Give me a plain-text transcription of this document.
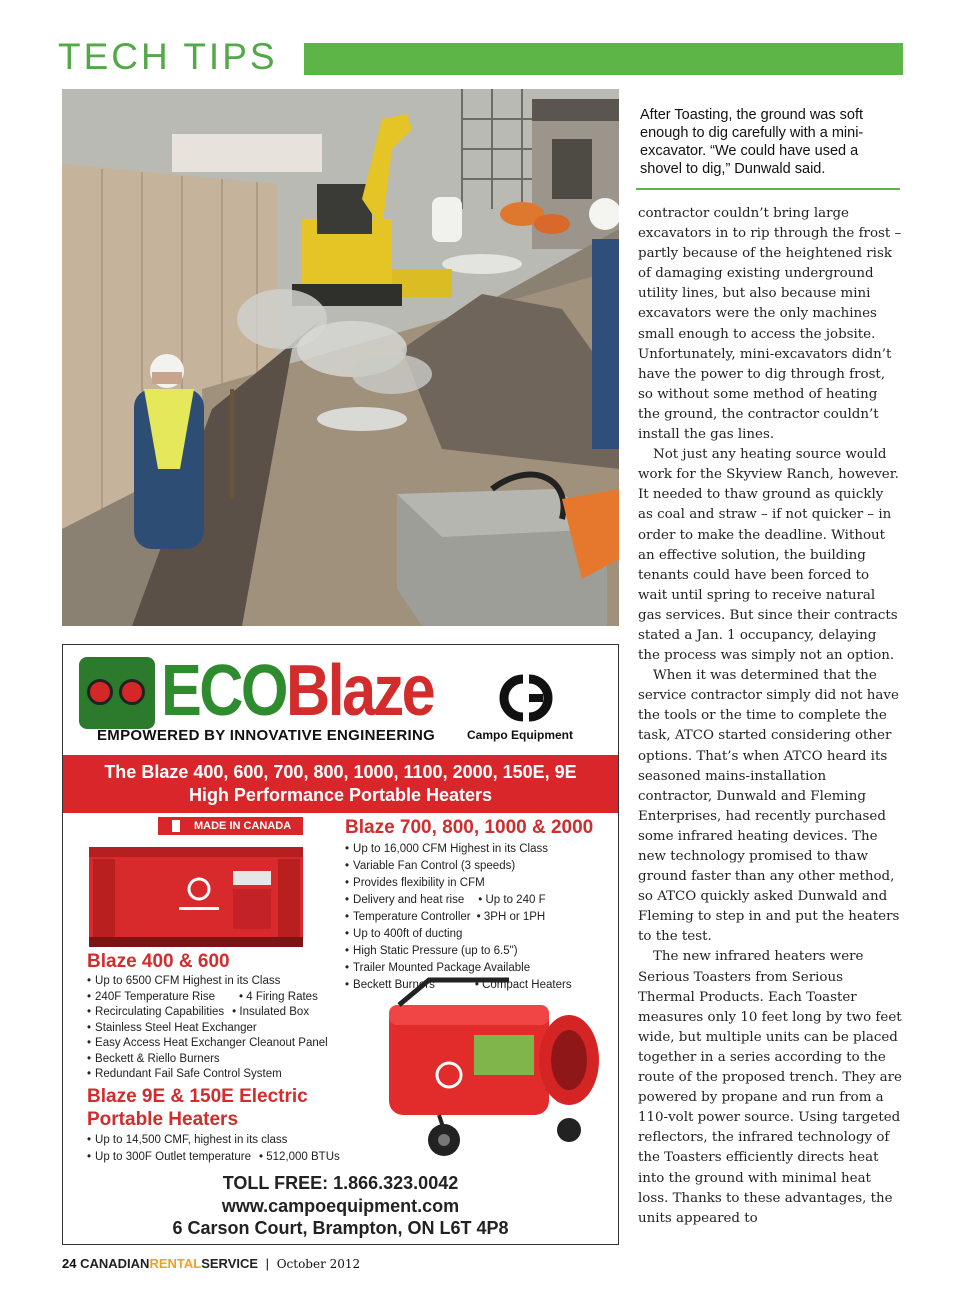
TECH TIPS
After Toasting, the ground was soft enough to dig carefully with a mini-excavator. “We could have used a shovel to dig,” Dunwald said.

contractor couldn’t bring large excavators in to rip through the frost – partly because of the heightened risk of damaging existing underground utility lines, but also because mini excavators were the only machines small enough to access the jobsite. Unfortunately, mini-excavators didn’t have the power to dig through frost, so without some method of heating the ground, the contractor couldn’t install the gas lines.

Not just any heating source would work for the Skyview Ranch, however. It needed to thaw ground as quickly as coal and straw – if not quicker – in order to make the deadline. Without an effective solution, the building tenants could have been forced to wait until spring to receive natural gas services. But since their contracts stated a Jan. 1 occupancy, delaying the process was simply not an option.

When it was determined that the service contractor simply did not have the tools or the time to complete the task, ATCO started considering other options. That’s when ATCO heard its seasoned mains-installation contractor, Dunwald and Fleming Enterprises, had recently purchased some infrared heating devices. The new technology promised to thaw ground faster than any other method, so ATCO quickly asked Dunwald and Fleming to step in and put the heaters to the test.

The new infrared heaters were Serious Toasters from Serious Thermal Products. Each Toaster measures only 10 feet long by two feet wide, but multiple units can be placed together in a series according to the route of the proposed trench. They are powered by propane and run from a 110-volt power source. Using targeted reflectors, the infrared technology of the Toasters efficiently directs heat into the ground with minimal heat loss. Thanks to these advantages, the units appeared to

ECOBlaze
EMPOWERED BY INNOVATIVE ENGINEERING	Campo Equipment
The Blaze 400, 600, 700, 800, 1000, 1100, 2000, 150E, 9E
High Performance Portable Heaters
MADE IN CANADA	Blaze 700, 800, 1000 & 2000
• Up to 16,000 CFM Highest in its Class
• Variable Fan Control (3 speeds)
• Provides flexibility in CFM
• Delivery and heat rise • Up to 240 F
• Temperature Controller • 3PH or 1PH
• Up to 400ft of ducting
• High Static Pressure (up to 6.5")
• Trailer Mounted Package Available
• Beckett Burners	• Compact Heaters
Blaze 400 & 600
• Up to 6500 CFM Highest in its Class
• 240F Temperature Rise • 4 Firing Rates
• Recirculating Capabilities • Insulated Box
• Stainless Steel Heat Exchanger
• Easy Access Heat Exchanger Cleanout Panel
• Beckett & Riello Burners
• Redundant Fail Safe Control System
Blaze 9E & 150E Electric
Portable Heaters
• Up to 14,500 CMF, highest in its class
• Up to 300F Outlet temperature • 512,000 BTUs
TOLL FREE: 1.866.323.0042
www.campoequipment.com
6 Carson Court, Brampton, ON L6T 4P8
24 CANADIANRENTALSERVICE | October 2012
